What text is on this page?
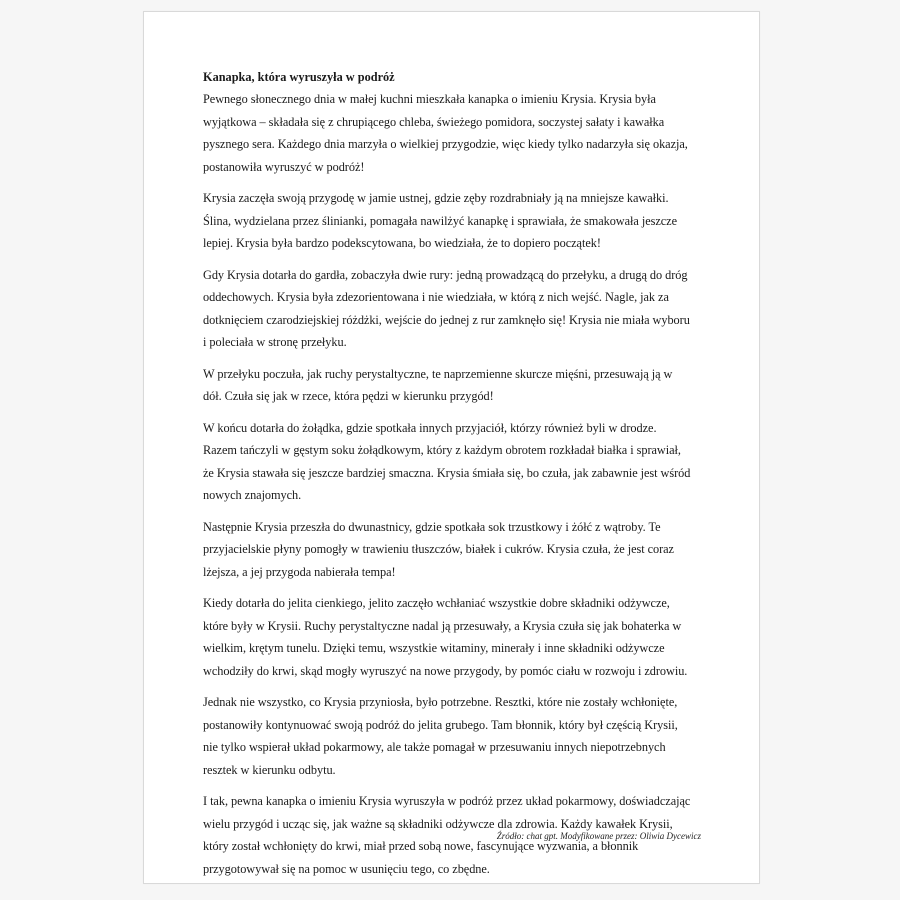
Kanapka, która wyruszyła w podróż

Pewnego słonecznego dnia w małej kuchni mieszkała kanapka o imieniu Krysia. Krysia była
wyjątkowa – składała się z chrupiącego chleba, świeżego pomidora, soczystej sałaty i kawałka
pysznego sera. Każdego dnia marzyła o wielkiej przygodzie, więc kiedy tylko nadarzyła się okazja,
postanowiła wyruszyć w podróż!

Krysia zaczęła swoją przygodę w jamie ustnej, gdzie zęby rozdrabniały ją na mniejsze kawałki.
Ślina, wydzielana przez ślinianki, pomagała nawilżyć kanapkę i sprawiała, że smakowała jeszcze
lepiej. Krysia była bardzo podekscytowana, bo wiedziała, że to dopiero początek!

Gdy Krysia dotarła do gardła, zobaczyła dwie rury: jedną prowadzącą do przełyku, a drugą do dróg
oddechowych. Krysia była zdezorientowana i nie wiedziała, w którą z nich wejść. Nagle, jak za
dotknięciem czarodziejskiej różdżki, wejście do jednej z rur zamknęło się! Krysia nie miała wyboru
i poleciała w stronę przełyku.

W przełyku poczuła, jak ruchy perystaltyczne, te naprzemienne skurcze mięśni, przesuwają ją w
dół. Czuła się jak w rzece, która pędzi w kierunku przygód!

W końcu dotarła do żołądka, gdzie spotkała innych przyjaciół, którzy również byli w drodze.
Razem tańczyli w gęstym soku żołądkowym, który z każdym obrotem rozkładał białka i sprawiał,
że Krysia stawała się jeszcze bardziej smaczna. Krysia śmiała się, bo czuła, jak zabawnie jest wśród
nowych znajomych.

Następnie Krysia przeszła do dwunastnicy, gdzie spotkała sok trzustkowy i żółć z wątroby. Te
przyjacielskie płyny pomogły w trawieniu tłuszczów, białek i cukrów. Krysia czuła, że jest coraz
lżejsza, a jej przygoda nabierała tempa!

Kiedy dotarła do jelita cienkiego, jelito zaczęło wchłaniać wszystkie dobre składniki odżywcze,
które były w Krysii. Ruchy perystaltyczne nadal ją przesuwały, a Krysia czuła się jak bohaterka w
wielkim, krętym tunelu. Dzięki temu, wszystkie witaminy, minerały i inne składniki odżywcze
wchodziły do krwi, skąd mogły wyruszyć na nowe przygody, by pomóc ciału w rozwoju i zdrowiu.

Jednak nie wszystko, co Krysia przyniosła, było potrzebne. Resztki, które nie zostały wchłonięte,
postanowiły kontynuować swoją podróż do jelita grubego. Tam błonnik, który był częścią Krysii,
nie tylko wspierał układ pokarmowy, ale także pomagał w przesuwaniu innych niepotrzebnych
resztek w kierunku odbytu.

I tak, pewna kanapka o imieniu Krysia wyruszyła w podróż przez układ pokarmowy, doświadczając
wielu przygód i ucząc się, jak ważne są składniki odżywcze dla zdrowia. Każdy kawałek Krysii,
który został wchłonięty do krwi, miał przed sobą nowe, fascynujące wyzwania, a błonnik
przygotowywał się na pomoc w usunięciu tego, co zbędne.

Źródło: chat gpt. Modyfikowane przez: Oliwia Dycewicz
